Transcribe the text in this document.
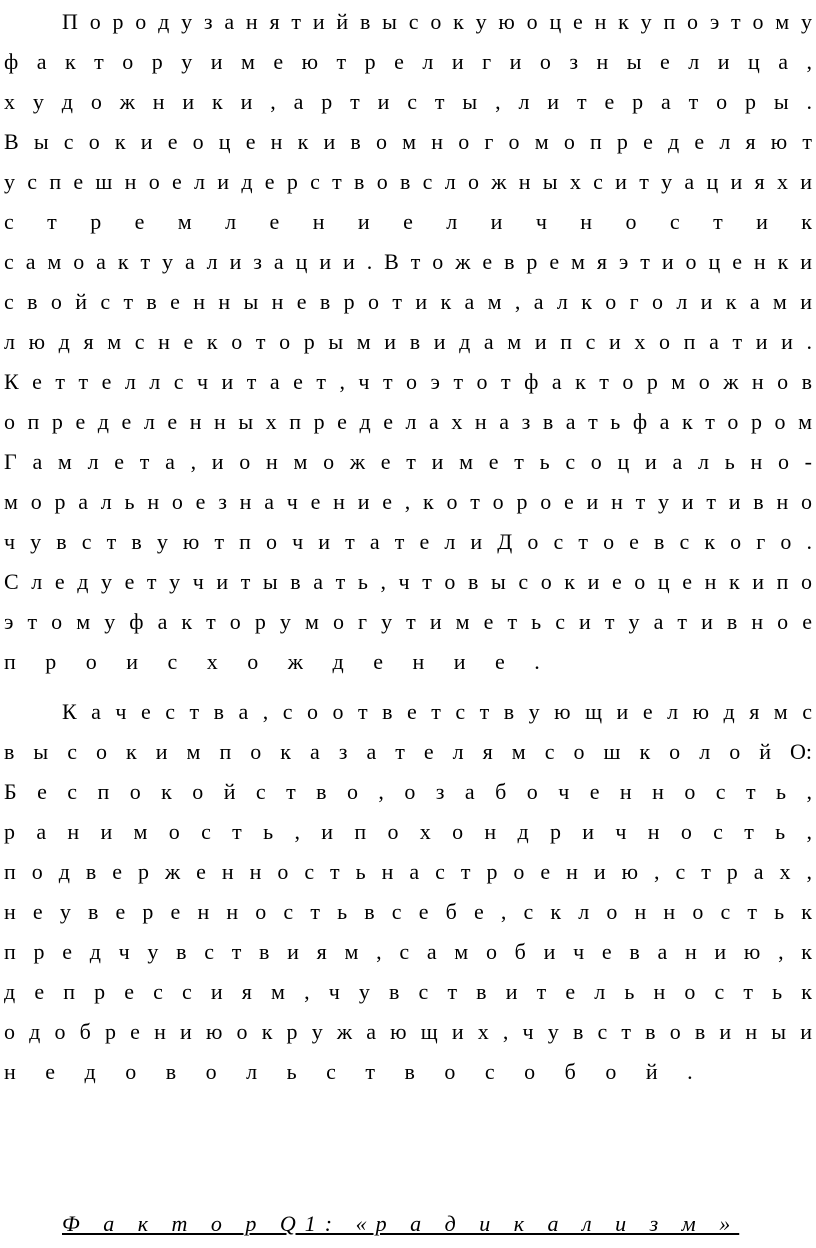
П о р о д у з а н я т и й в ы с о к у ю о ц е н к у п о э т о м у
ф а к т о р у и м е ю т р е л и г и о з н ы е л и ц а ,
х у д о ж н и к и , а р т и с т ы , л и т е р а т о р ы .
В ы с о к и е о ц е н к и в о м н о г о м о п р е д е л я ю т
у с п е ш н о е л и д е р с т в о в с л о ж н ы х с и т у а ц и я х и
с т р е м л е н и е л и ч н о с т и к
с а м о а к т у а л и з а ц и и . В т о ж е в р е м я э т и о ц е н к и
с в о й с т в е н н ы н е в р о т и к а м , а л к о г о л и к а м и
л ю д я м с н е к о т о р ы м и в и д а м и п с и х о п а т и и .
К е т т е л л с ч и т а е т , ч т о э т о т ф а к т о р м о ж н о в
о п р е д е л е н н ы х п р е д е л а х н а з в а т ь ф а к т о р о м
Г а м л е т а , и о н м о ж е т и м е т ь с о ц и а л ь н о -
м о р а л ь н о е з н а ч е н и е , к о т о р о е и н т у и т и в н о
ч у в с т в у ю т п о ч и т а т е л и Д о с т о е в с к о г о .
С л е д у е т у ч и т ы в а т ь , ч т о в ы с о к и е о ц е н к и п о
э т о м у ф а к т о р у м о г у т и м е т ь с и т у а т и в н о е
п р о и с х о ж д е н и е .
К а ч е с т в а , с о о т в е т с т в у ю щ и е л ю д я м с
в ы с о к и м п о к а з а т е л я м с о ш к о л о й О:
Б е с п о к о й с т в о , о з а б о ч е н н о с т ь ,
р а н и м о с т ь , и п о х о н д р и ч н о с т ь ,
п о д в е р ж е н н о с т ь н а с т р о е н и ю , с т р а х ,
н е у в е р е н н о с т ь в с е б е , с к л о н н о с т ь к
п р е д ч у в с т в и я м , с а м о б и ч е в а н и ю , к
д е п р е с с и я м , ч у в с т в и т е л ь н о с т ь к
о д о б р е н и ю о к р у ж а ю щ и х , ч у в с т в о в и н ы и
н е д о в о л ь с т в о с о б о й .
Ф а к т о р Q1: «р а д и к а л и з м »
